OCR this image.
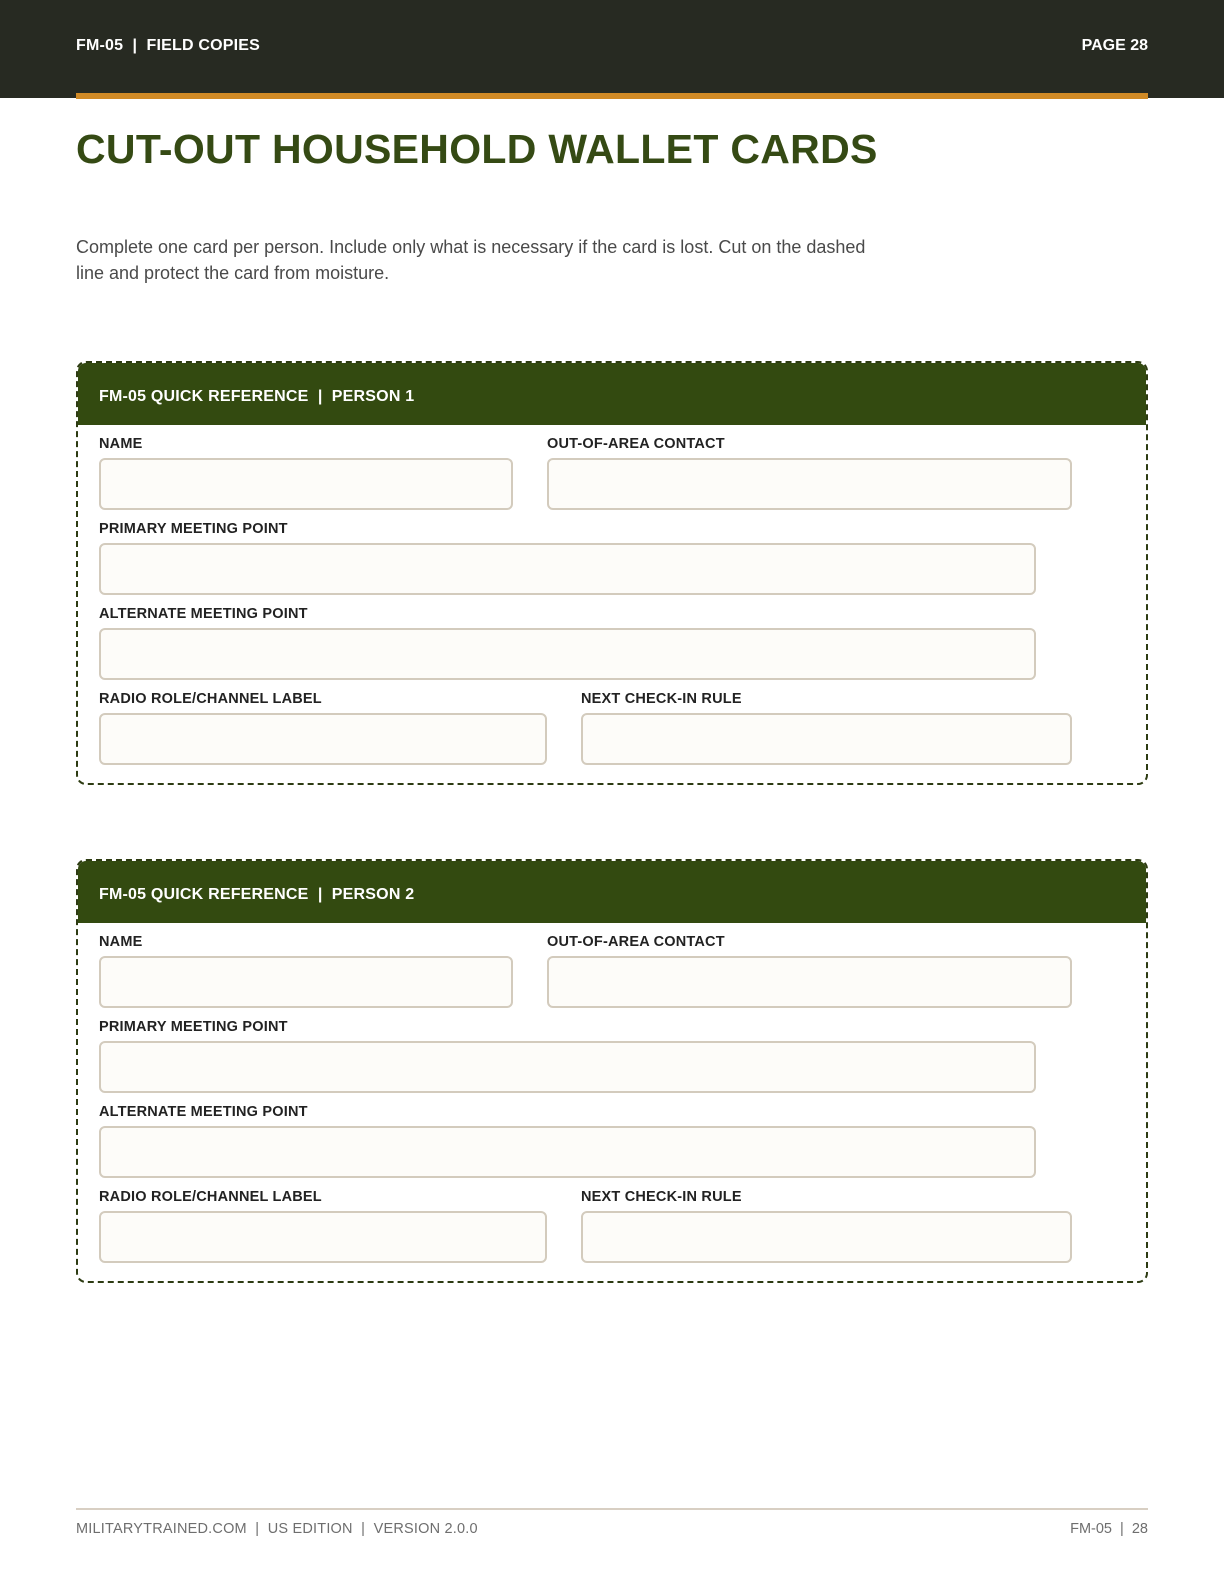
FM-05  |  FIELD COPIES	PAGE 28
CUT-OUT HOUSEHOLD WALLET CARDS

Complete one card per person. Include only what is necessary if the card is lost. Cut on the dashed line and protect the card from moisture.

FM-05 QUICK REFERENCE  |  PERSON 1
NAME	OUT-OF-AREA CONTACT
PRIMARY MEETING POINT
ALTERNATE MEETING POINT
RADIO ROLE/CHANNEL LABEL	NEXT CHECK-IN RULE
FM-05 QUICK REFERENCE  |  PERSON 2
NAME	OUT-OF-AREA CONTACT
PRIMARY MEETING POINT
ALTERNATE MEETING POINT
RADIO ROLE/CHANNEL LABEL	NEXT CHECK-IN RULE
MILITARYTRAINED.COM  |  US EDITION  |  VERSION 2.0.0	FM-05  |  28
